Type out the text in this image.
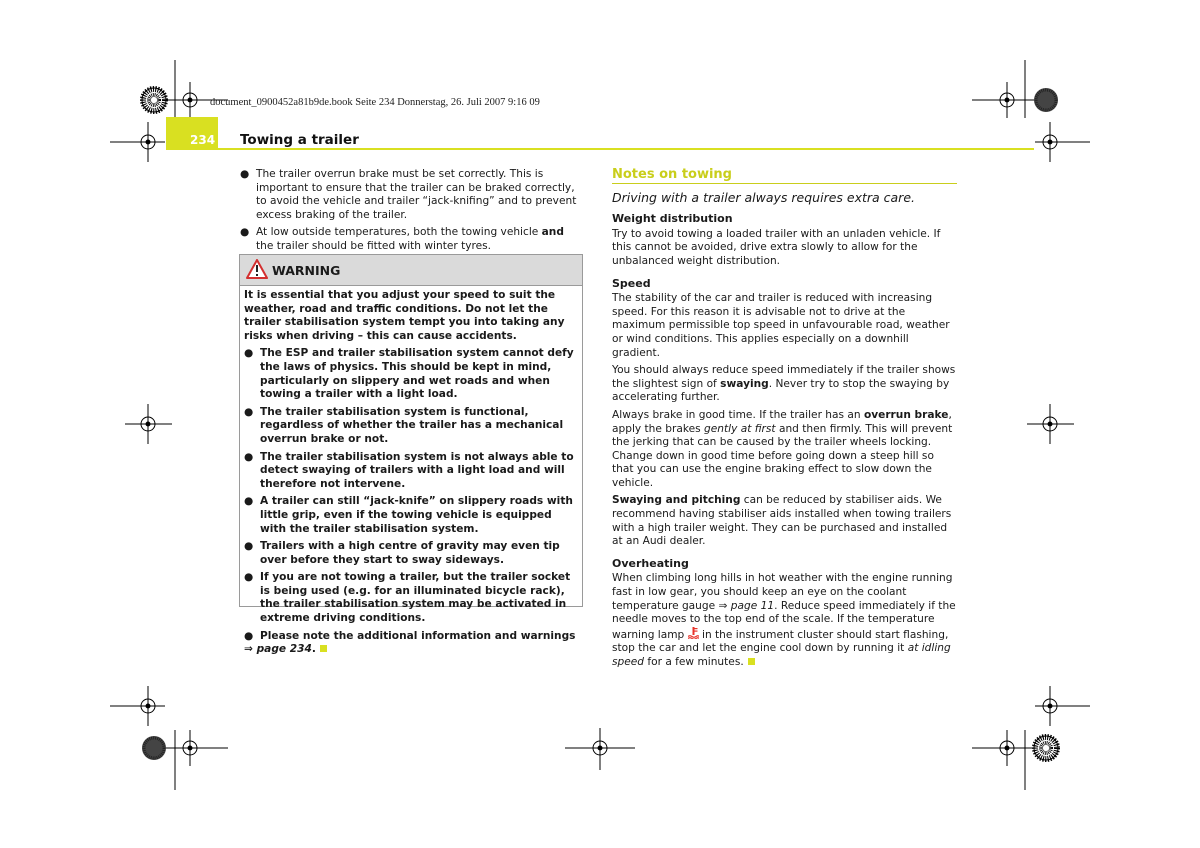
document_0900452a81b9de.book Seite 234 Donnerstag, 26. Juli 2007 9:16 09
234 Towing a trailer

● The trailer overrun brake must be set correctly. This is important to ensure that the trailer can be braked correctly, to avoid the vehicle and trailer “jack-knifing” and to prevent excess braking of the trailer.

● At low outside temperatures, both the towing vehicle and the trailer should be fitted with winter tyres.

WARNING

It is essential that you adjust your speed to suit the weather, road and traffic conditions. Do not let the trailer stabilisation system tempt you into taking any risks when driving – this can cause accidents.

● The ESP and trailer stabilisation system cannot defy the laws of physics. This should be kept in mind, particularly on slippery and wet roads and when towing a trailer with a light load.

● The trailer stabilisation system is functional, regardless of whether the trailer has a mechanical overrun brake or not.

● The trailer stabilisation system is not always able to detect swaying of trailers with a light load and will therefore not intervene.

● A trailer can still “jack-knife” on slippery roads with little grip, even if the towing vehicle is equipped with the trailer stabilisation system.

● Trailers with a high centre of gravity may even tip over before they start to sway sideways.

● If you are not towing a trailer, but the trailer socket is being used (e.g. for an illuminated bicycle rack), the trailer stabilisation system may be activated in extreme driving conditions.

● Please note the additional information and warnings

⇒ page 234.

Notes on towing
Driving with a trailer always requires extra care.
Weight distribution

Try to avoid towing a loaded trailer with an unladen vehicle. If this cannot be avoided, drive extra slowly to allow for the unbalanced weight distribution.

Speed

The stability of the car and trailer is reduced with increasing speed. For this reason it is advisable not to drive at the maximum permissible top speed in unfavourable road, weather or wind conditions. This applies especially on a downhill gradient.

You should always reduce speed immediately if the trailer shows the slightest sign of swaying. Never try to stop the swaying by accelerating further.

Always brake in good time. If the trailer has an overrun brake, apply the brakes gently at first and then firmly. This will prevent the jerking that can be caused by the trailer wheels locking. Change down in good time before going down a steep hill so that you can use the engine braking effect to slow down the vehicle.

Swaying and pitching can be reduced by stabiliser aids. We recommend having stabiliser aids installed when towing trailers with a high trailer weight. They can be purchased and installed at an Audi dealer.

Overheating

When climbing long hills in hot weather with the engine running fast in low gear, you should keep an eye on the coolant temperature gauge ⇒ page 11. Reduce speed immediately if the needle moves to the top end of the scale. If the temperature warning lamp  in the instrument cluster should start flashing, stop the car and let the engine cool down by running it at idling speed for a few minutes.
